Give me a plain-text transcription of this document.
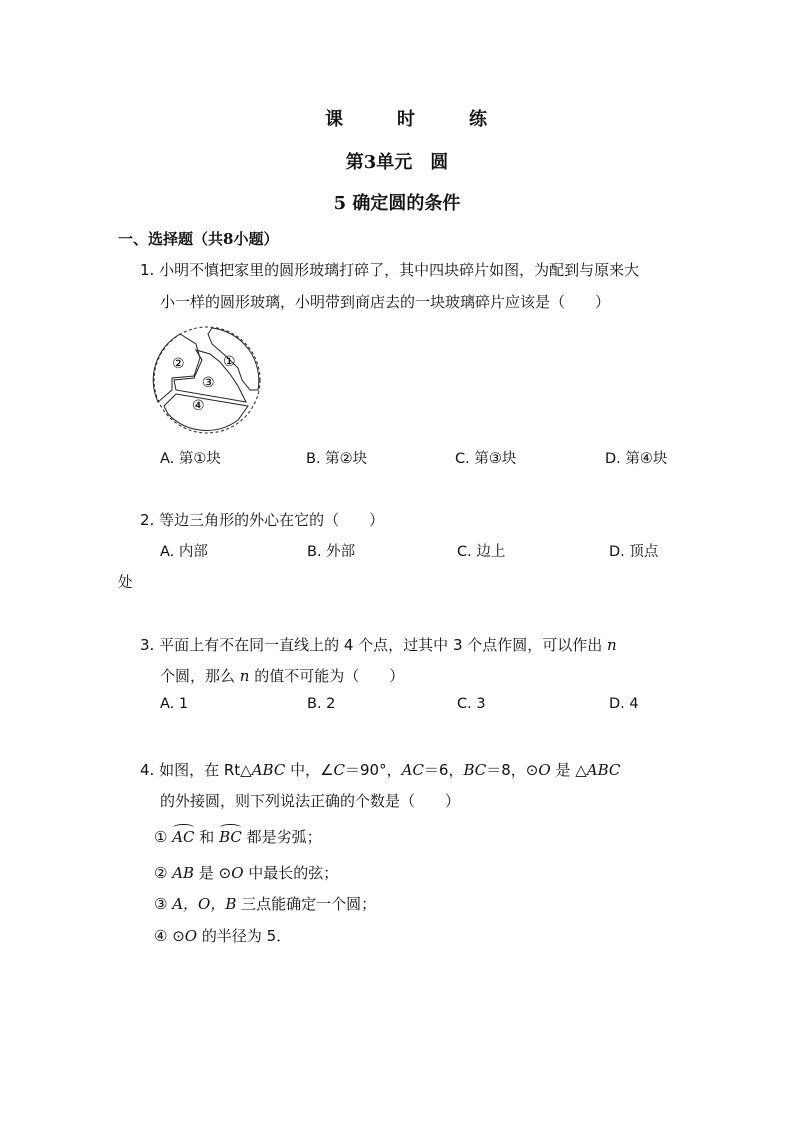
课　时　练
第3单元　圆
5 确定圆的条件
一、选择题（共8小题）
1. 小明不慎把家里的圆形玻璃打碎了，其中四块碎片如图，为配到与原来大
小一样的圆形玻璃，小明带到商店去的一块玻璃碎片应该是（　　）
①
②
③
④
A. 第①块	B. 第②块	C. 第③块	D. 第④块
2. 等边三角形的外心在它的（　　）
A. 内部	B. 外部	C. 边上	D. 顶点
处
3. 平面上有不在同一直线上的 4 个点，过其中 3 个点作圆，可以作出 n
个圆，那么 n 的值不可能为（　　）
A. 1	B. 2	C. 3	D. 4
4. 如图，在 Rt△ABC 中，∠C＝90°，AC＝6，BC＝8，⊙O 是 △ABC
的外接圆，则下列说法正确的个数是（　　）
① AC 和 BC 都是劣弧；
② AB 是 ⊙O 中最长的弦；
③ A，O，B 三点能确定一个圆；
④ ⊙O 的半径为 5．
